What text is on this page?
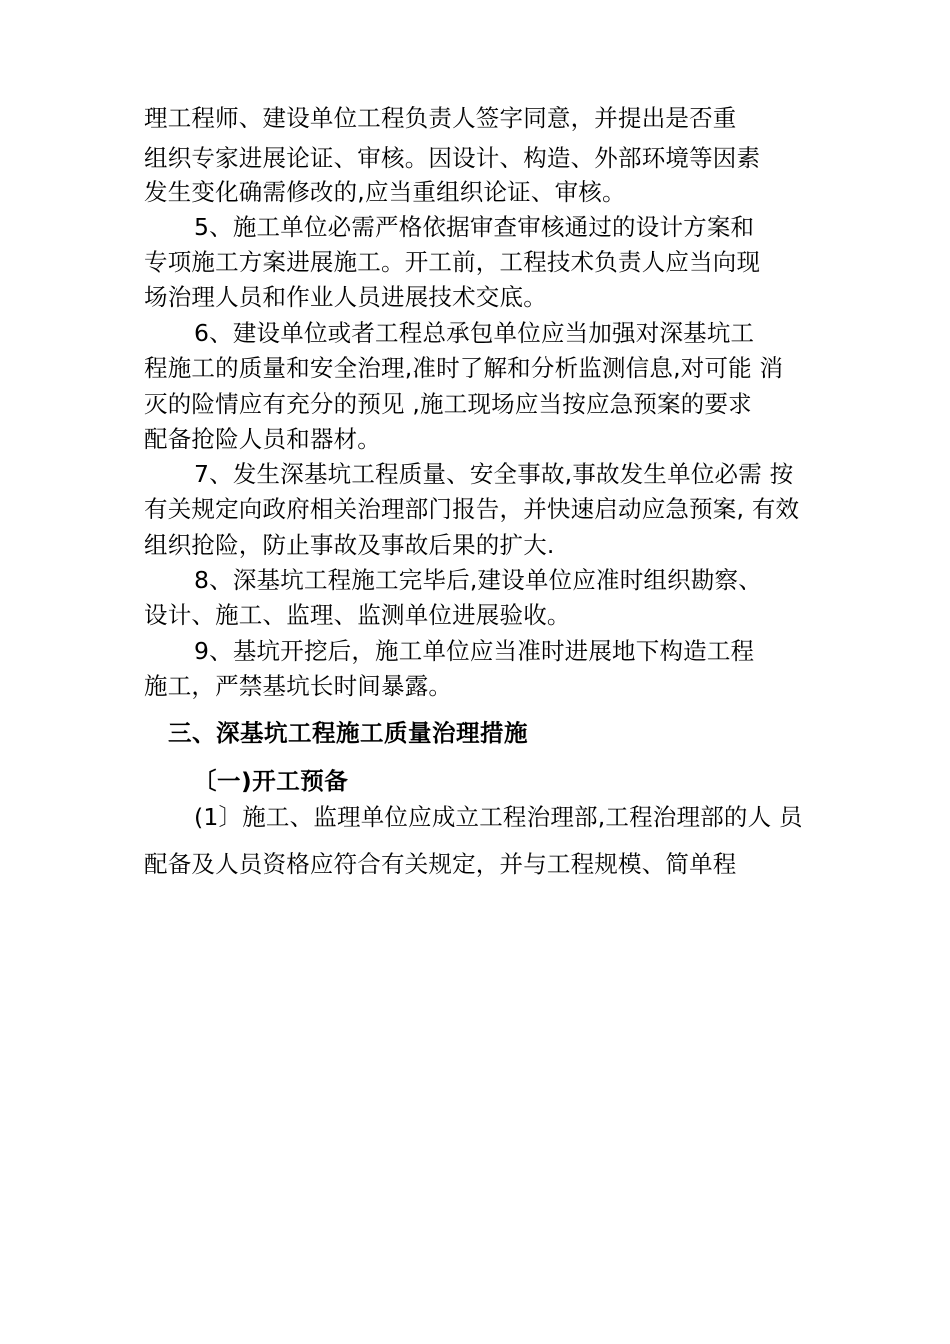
理工程师、建设单位工程负责人签字同意，并提出是否重
组织专家进展论证、审核。因设计、构造、外部环境等因素
发生变化确需修改的,应当重组织论证、审核。
5、施工单位必需严格依据审查审核通过的设计方案和
专项施工方案进展施工。开工前，工程技术负责人应当向现
场治理人员和作业人员进展技术交底。
6、建设单位或者工程总承包单位应当加强对深基坑工
程施工的质量和安全治理,准时了解和分析监测信息,对可能 消
灭的险情应有充分的预见 ,施工现场应当按应急预案的要求
配备抢险人员和器材。
7、发生深基坑工程质量、安全事故,事故发生单位必需 按
有关规定向政府相关治理部门报告，并快速启动应急预案, 有效
组织抢险，防止事故及事故后果的扩大.
8、深基坑工程施工完毕后,建设单位应准时组织勘察、
设计、施工、监理、监测单位进展验收。
9、基坑开挖后，施工单位应当准时进展地下构造工程
施工，严禁基坑长时间暴露。
三、深基坑工程施工质量治理措施
〔一)开工预备
(1〕施工、监理单位应成立工程治理部,工程治理部的人 员
配备及人员资格应符合有关规定，并与工程规模、简单程
